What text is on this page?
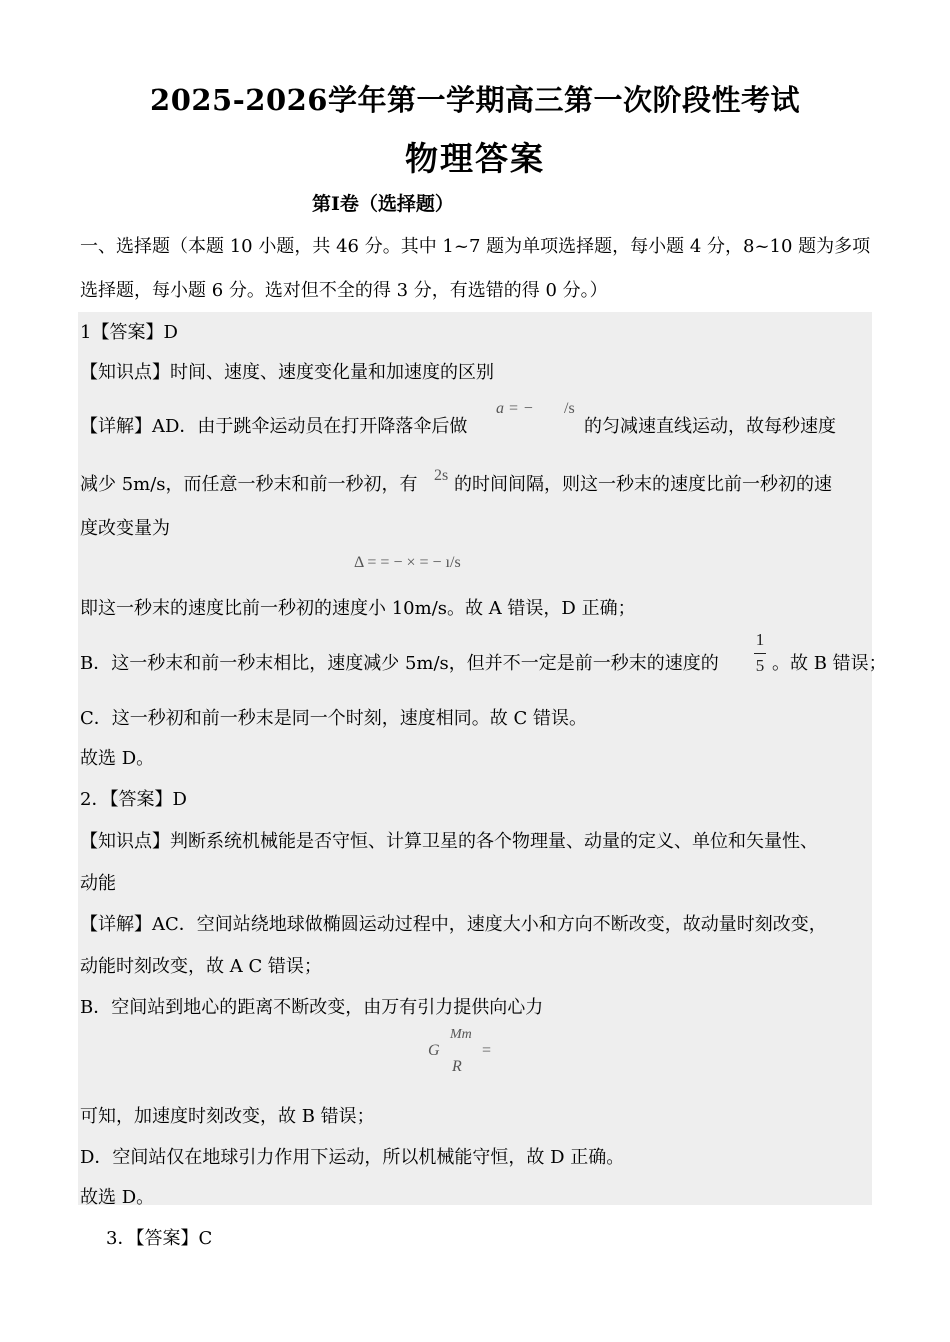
2025-2026学年第一学期高三第一次阶段性考试
物理答案
第Ⅰ卷（选择题）
一、选择题（本题 10 小题，共 46 分。其中 1~7 题为单项选择题，每小题 4 分，8~10 题为多项
选择题，每小题 6 分。选对但不全的得 3 分，有选错的得 0 分。）
1【答案】D
【知识点】时间、速度、速度变化量和加速度的区别
【详解】AD．由于跳伞运动员在打开降落伞后做
a = − /s
的匀减速直线运动，故每秒速度
减少 5m/s，而任意一秒末和前一秒初，有 2s 的时间间隔，则这一秒末的速度比前一秒初的速
度改变量为
Δ = = − × = − ı/s
即这一秒末的速度比前一秒初的速度小 10m/s。故 A 错误，D 正确；
B．这一秒末和前一秒末相比，速度减少 5m/s，但并不一定是前一秒末的速度的
1
5 。故 B 错误；
C．这一秒初和前一秒末是同一个时刻，速度相同。故 C 错误。
故选 D。
2．【答案】D
【知识点】判断系统机械能是否守恒、计算卫星的各个物理量、动量的定义、单位和矢量性、
动能
【详解】AC．空间站绕地球做椭圆运动过程中，速度大小和方向不断改变，故动量时刻改变，
动能时刻改变，故 A C 错误；
B．空间站到地心的距离不断改变，由万有引力提供向心力
G
Mm
R
=
可知，加速度时刻改变，故 B 错误；
D．空间站仅在地球引力作用下运动，所以机械能守恒，故 D 正确。
故选 D。
3．【答案】C
